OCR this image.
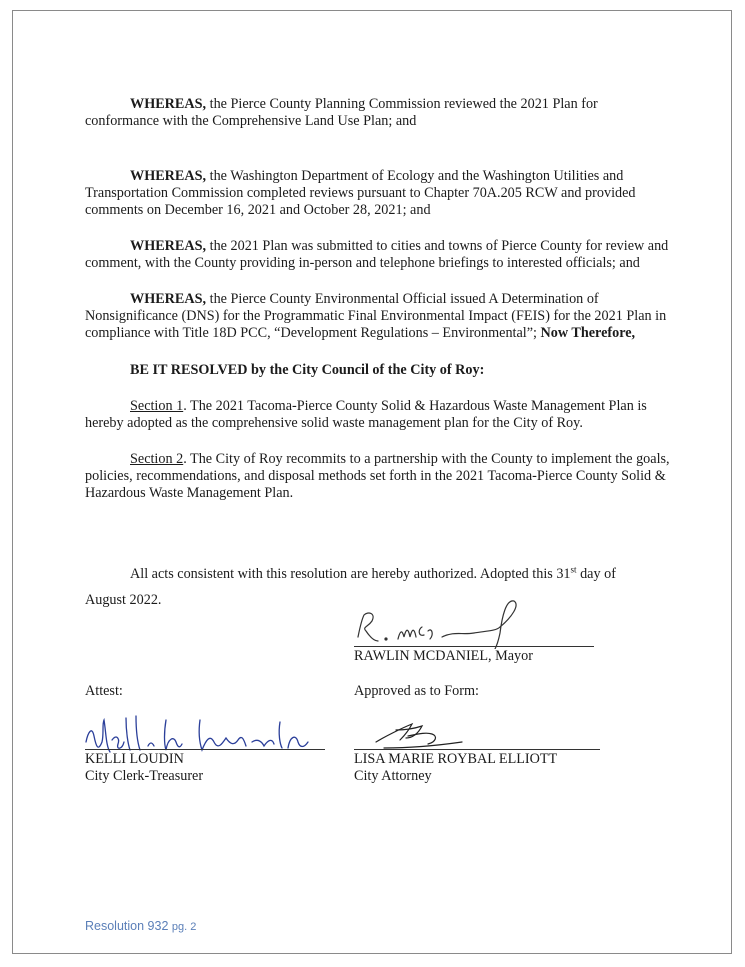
WHEREAS, the Pierce County Planning Commission reviewed the 2021 Plan for conformance with the Comprehensive Land Use Plan; and

WHEREAS, the Washington Department of Ecology and the Washington Utilities and Transportation Commission completed reviews pursuant to Chapter 70A.205 RCW and provided comments on December 16, 2021 and October 28, 2021; and

WHEREAS, the 2021 Plan was submitted to cities and towns of Pierce County for review and comment, with the County providing in-person and telephone briefings to interested officials; and

WHEREAS, the Pierce County Environmental Official issued A Determination of Nonsignificance (DNS) for the Programmatic Final Environmental Impact (FEIS) for the 2021 Plan in compliance with Title 18D PCC, “Development Regulations – Environmental”; Now Therefore,

BE IT RESOLVED by the City Council of the City of Roy:

Section 1. The 2021 Tacoma-Pierce County Solid & Hazardous Waste Management Plan is hereby adopted as the comprehensive solid waste management plan for the City of Roy.

Section 2. The City of Roy recommits to a partnership with the County to implement the goals, policies, recommendations, and disposal methods set forth in the 2021 Tacoma-Pierce County Solid & Hazardous Waste Management Plan.

All acts consistent with this resolution are hereby authorized. Adopted this 31st day of
August 2022.
RAWLIN MCDANIEL, Mayor
Attest:	Approved as to Form:
KELLI LOUDIN
City Clerk-Treasurer
LISA MARIE ROYBAL ELLIOTT
City Attorney
Resolution 932 pg. 2
